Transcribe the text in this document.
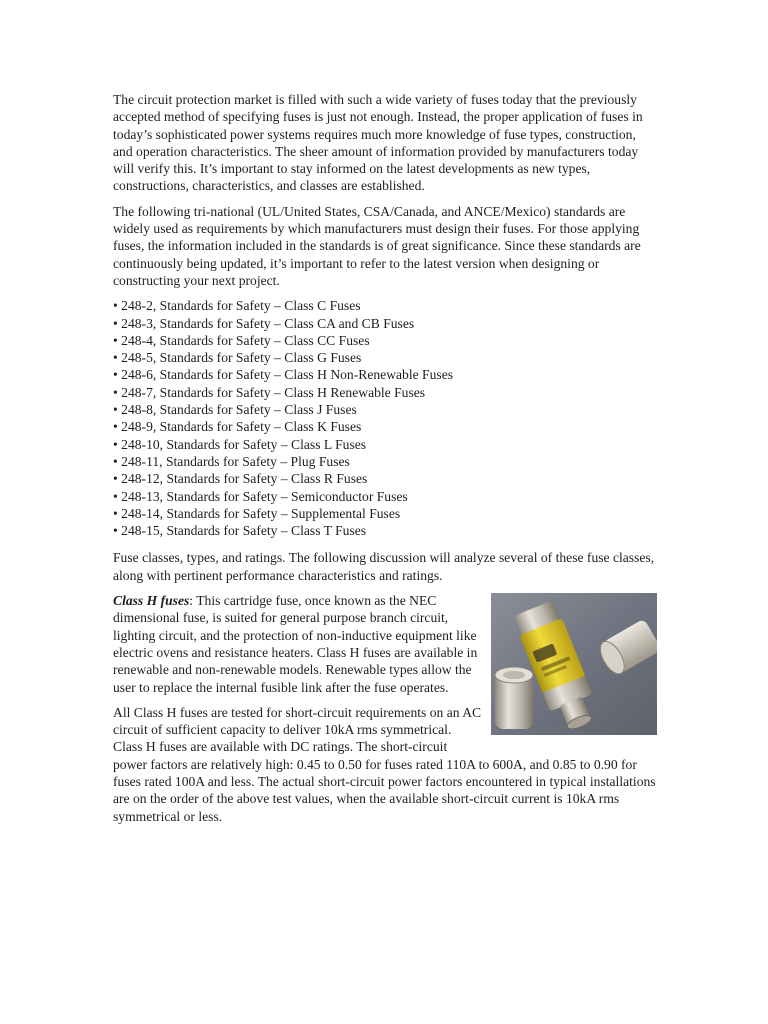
The circuit protection market is filled with such a wide variety of fuses today that the previously accepted method of specifying fuses is just not enough. Instead, the proper application of fuses in today’s sophisticated power systems requires much more knowledge of fuse types, construction, and operation characteristics. The sheer amount of information provided by manufacturers today will verify this. It’s important to stay informed on the latest developments as new types, constructions, characteristics, and classes are established.

The following tri-national (UL/United States, CSA/Canada, and ANCE/Mexico) standards are widely used as requirements by which manufacturers must design their fuses. For those applying fuses, the information included in the standards is of great significance. Since these standards are continuously being updated, it’s important to refer to the latest version when designing or constructing your next project.

• 248-2, Standards for Safety – Class C Fuses
• 248-3, Standards for Safety – Class CA and CB Fuses
• 248-4, Standards for Safety – Class CC Fuses
• 248-5, Standards for Safety – Class G Fuses
• 248-6, Standards for Safety – Class H Non-Renewable Fuses
• 248-7, Standards for Safety – Class H Renewable Fuses
• 248-8, Standards for Safety – Class J Fuses
• 248-9, Standards for Safety – Class K Fuses
• 248-10, Standards for Safety – Class L Fuses
• 248-11, Standards for Safety – Plug Fuses
• 248-12, Standards for Safety – Class R Fuses
• 248-13, Standards for Safety – Semiconductor Fuses
• 248-14, Standards for Safety – Supplemental Fuses
• 248-15, Standards for Safety – Class T Fuses

Fuse classes, types, and ratings. The following discussion will analyze several of these fuse classes, along with pertinent performance characteristics and ratings.

Class H fuses: This cartridge fuse, once known as the NEC dimensional fuse, is suited for general purpose branch circuit, lighting circuit, and the protection of non-inductive equipment like electric ovens and resistance heaters. Class H fuses are available in renewable and non-renewable models. Renewable types allow the user to replace the internal fusible link after the fuse operates.

All Class H fuses are tested for short-circuit requirements on an AC circuit of sufficient capacity to deliver 10kA rms symmetrical. Class H fuses are available with DC ratings. The short-circuit power factors are relatively high: 0.45 to 0.50 for fuses rated 110A to 600A, and 0.85 to 0.90 for fuses rated 100A and less. The actual short-circuit power factors encountered in typical installations are on the order of the above test values, when the available short-circuit current is 10kA rms symmetrical or less.
